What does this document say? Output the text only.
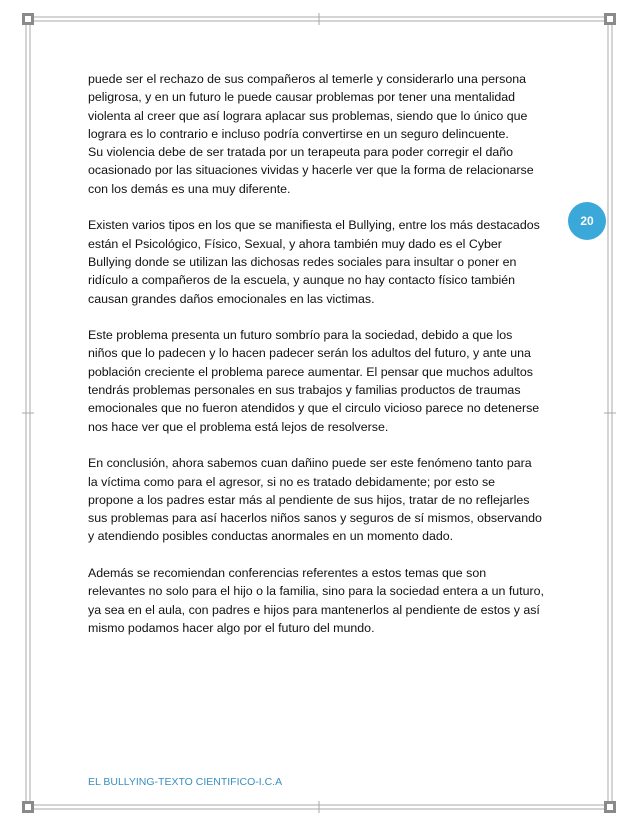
puede ser el rechazo de sus compañeros al temerle y considerarlo una persona
peligrosa, y en un futuro le puede causar problemas por tener una mentalidad
violenta al creer que así lograra aplacar sus problemas, siendo que lo único que
lograra es lo contrario e incluso podría convertirse en un seguro delincuente.
Su violencia debe de ser tratada por un terapeuta para poder corregir el daño
ocasionado por las situaciones vividas y hacerle ver que la forma de relacionarse
con los demás es una muy diferente.

Existen varios tipos en los que se manifiesta el Bullying, entre los más destacados
están el Psicológico, Físico, Sexual, y ahora también muy dado es el Cyber
Bullying donde se utilizan las dichosas redes sociales para insultar o poner en
ridículo a compañeros de la escuela, y aunque no hay contacto físico también
causan grandes daños emocionales en las victimas.

Este problema presenta un futuro sombrío para la sociedad, debido a que los
niños que lo padecen y lo hacen padecer serán los adultos del futuro, y ante una
población creciente el problema parece aumentar. El pensar que muchos adultos
tendrás problemas personales en sus trabajos y familias productos de traumas
emocionales que no fueron atendidos y que el circulo vicioso parece no detenerse
nos hace ver que el problema está lejos de resolverse.

En conclusión, ahora sabemos cuan dañino puede ser este fenómeno tanto para
la víctima como para el agresor, si no es tratado debidamente; por esto se
propone a los padres estar más al pendiente de sus hijos, tratar de no reflejarles
sus problemas para así hacerlos niños sanos y seguros de sí mismos, observando
y atendiendo posibles conductas anormales en un momento dado.

Además se recomiendan conferencias referentes a estos temas que son
relevantes no solo para el hijo o la familia, sino para la sociedad entera a un futuro,
ya sea en el aula, con padres e hijos para mantenerlos al pendiente de estos y así
mismo podamos hacer algo por el futuro del mundo.

20
EL BULLYING-TEXTO CIENTIFICO-I.C.A
